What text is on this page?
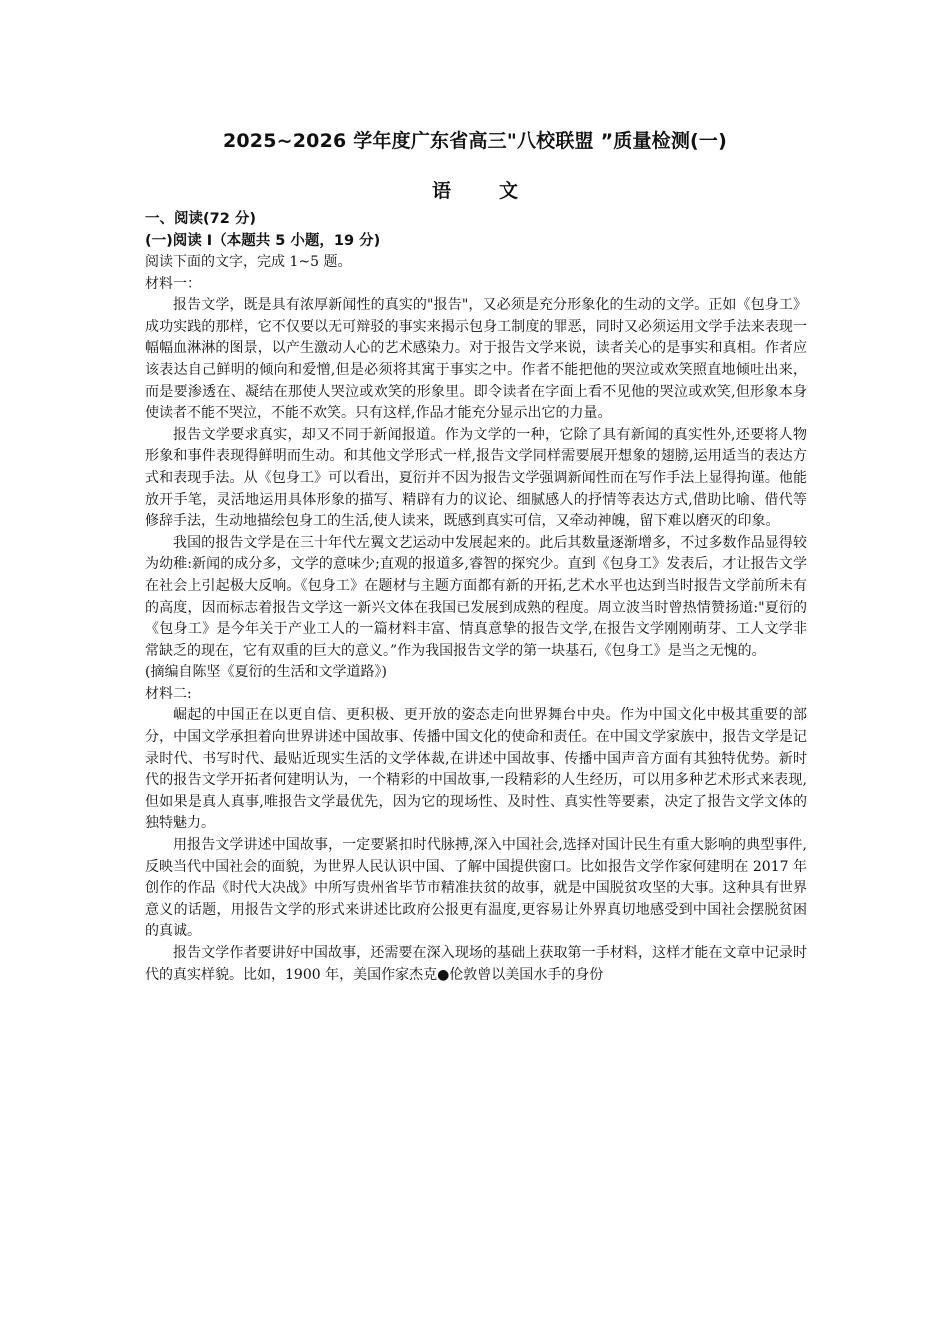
2025~2026 学年度广东省高三"八校联盟 ”质量检测(一)
语文

一、阅读(72 分)

(一)阅读 I（本题共 5 小题，19 分)

阅读下面的文字，完成 1~5 题。

材料一：

报告文学，既是具有浓厚新闻性的真实的"报告"，又必须是充分形象化的生动的文学。正如《包身工》成功实践的那样，它不仅要以无可辩驳的事实来揭示包身工制度的罪恶，同时又必须运用文学手法来表现一幅幅血淋淋的图景，以产生激动人心的艺术感染力。对于报告文学来说，读者关心的是事实和真相。作者应该表达自己鲜明的倾向和爱憎,但是必须将其寓于事实之中。作者不能把他的哭泣或欢笑照直地倾吐出来，而是要渗透在、凝结在那使人哭泣或欢笑的形象里。即令读者在字面上看不见他的哭泣或欢笑,但形象本身使读者不能不哭泣，不能不欢笑。只有这样,作品才能充分显示出它的力量。

报告文学要求真实，却又不同于新闻报道。作为文学的一种，它除了具有新闻的真实性外,还要将人物形象和事件表现得鲜明而生动。和其他文学形式一样,报告文学同样需要展开想象的翅膀,运用适当的表达方式和表现手法。从《包身工》可以看出，夏衍并不因为报告文学强调新闻性而在写作手法上显得拘谨。他能放开手笔，灵活地运用具体形象的描写、精辟有力的议论、细腻感人的抒情等表达方式,借助比喻、借代等修辞手法，生动地描绘包身工的生活,使人读来，既感到真实可信，又牵动神魄，留下难以磨灭的印象。

我国的报告文学是在三十年代左翼文艺运动中发展起来的。此后其数量逐渐增多，不过多数作品显得较为幼稚:新闻的成分多，文学的意味少;直观的报道多,睿智的探究少。直到《包身工》发表后，才让报告文学在社会上引起极大反响。《包身工》在题材与主题方面都有新的开拓,艺术水平也达到当时报告文学前所未有的高度，因而标志着报告文学这一新兴文体在我国已发展到成熟的程度。周立波当时曾热情赞扬道:"夏衍的《包身工》是今年关于产业工人的一篇材料丰富、情真意挚的报告文学,在报告文学刚刚萌芽、工人文学非常缺乏的现在，它有双重的巨大的意义。”作为我国报告文学的第一块基石,《包身工》是当之无愧的。

(摘编自陈坚《夏衍的生活和文学道路》)

材料二:

崛起的中国正在以更自信、更积极、更开放的姿态走向世界舞台中央。作为中国文化中极其重要的部分，中国文学承担着向世界讲述中国故事、传播中国文化的使命和责任。在中国文学家族中，报告文学是记录时代、书写时代、最贴近现实生活的文学体裁,在讲述中国故事、传播中国声音方面有其独特优势。新时代的报告文学开拓者何建明认为，一个精彩的中国故事,一段精彩的人生经历，可以用多种艺术形式来表现,但如果是真人真事,唯报告文学最优先，因为它的现场性、及时性、真实性等要素，决定了报告文学文体的独特魅力。

用报告文学讲述中国故事，一定要紧扣时代脉搏,深入中国社会,选择对国计民生有重大影响的典型事件,反映当代中国社会的面貌，为世界人民认识中国、了解中国提供窗口。比如报告文学作家何建明在 2017 年创作的作品《时代大决战》中所写贵州省毕节市精准扶贫的故事，就是中国脱贫攻坚的大事。这种具有世界意义的话题，用报告文学的形式来讲述比政府公报更有温度,更容易让外界真切地感受到中国社会摆脱贫困的真诚。

报告文学作者要讲好中国故事，还需要在深入现场的基础上获取第一手材料，这样才能在文章中记录时代的真实样貌。比如，1900 年，美国作家杰克●伦敦曾以美国水手的身份
